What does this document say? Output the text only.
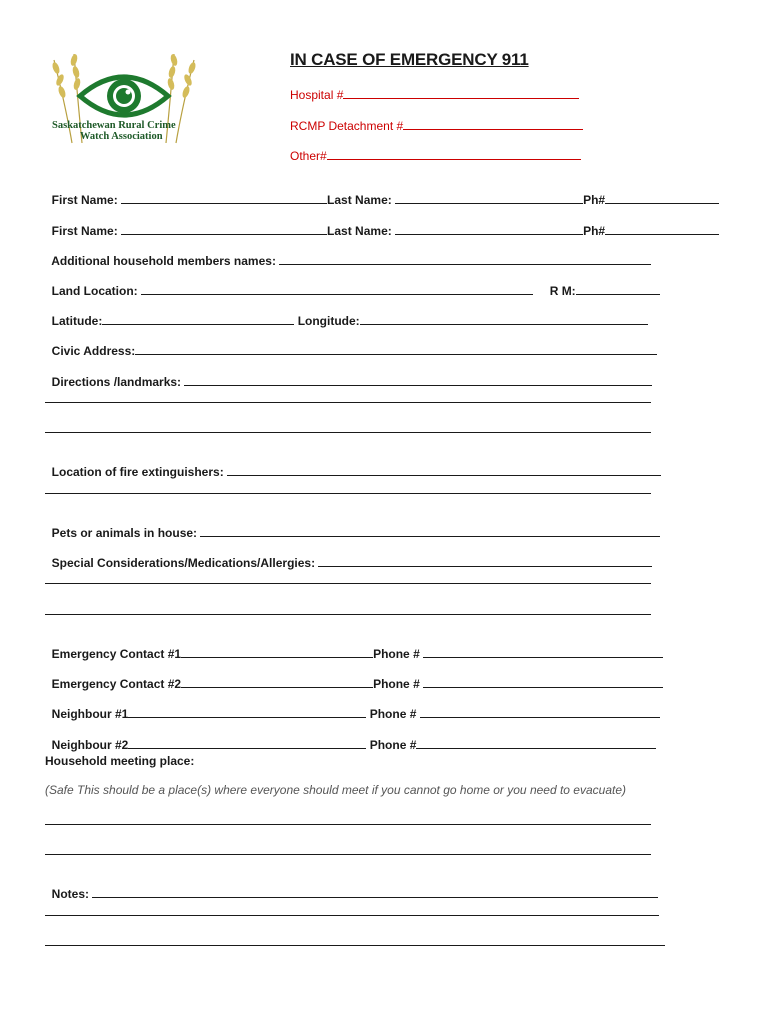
Saskatchewan Rural Crime
Watch Association
IN CASE OF EMERGENCY 911
Hospital #
RCMP Detachment #
Other#

First Name:	Last Name:	Ph#

First Name:	Last Name:	Ph#

Additional household members names:

Land Location:	R M:

Latitude:	Longitude:

Civic Address:

Directions /landmarks:

Location of fire extinguishers:

Pets or animals in house:

Special Considerations/Medications/Allergies:

Emergency Contact #1	Phone #

Emergency Contact #2	Phone #

Neighbour #1	Phone #

Neighbour #2	Phone #

Household meeting place:
(Safe This should be a place(s) where everyone should meet if you cannot go home or you need to evacuate)

Notes:
